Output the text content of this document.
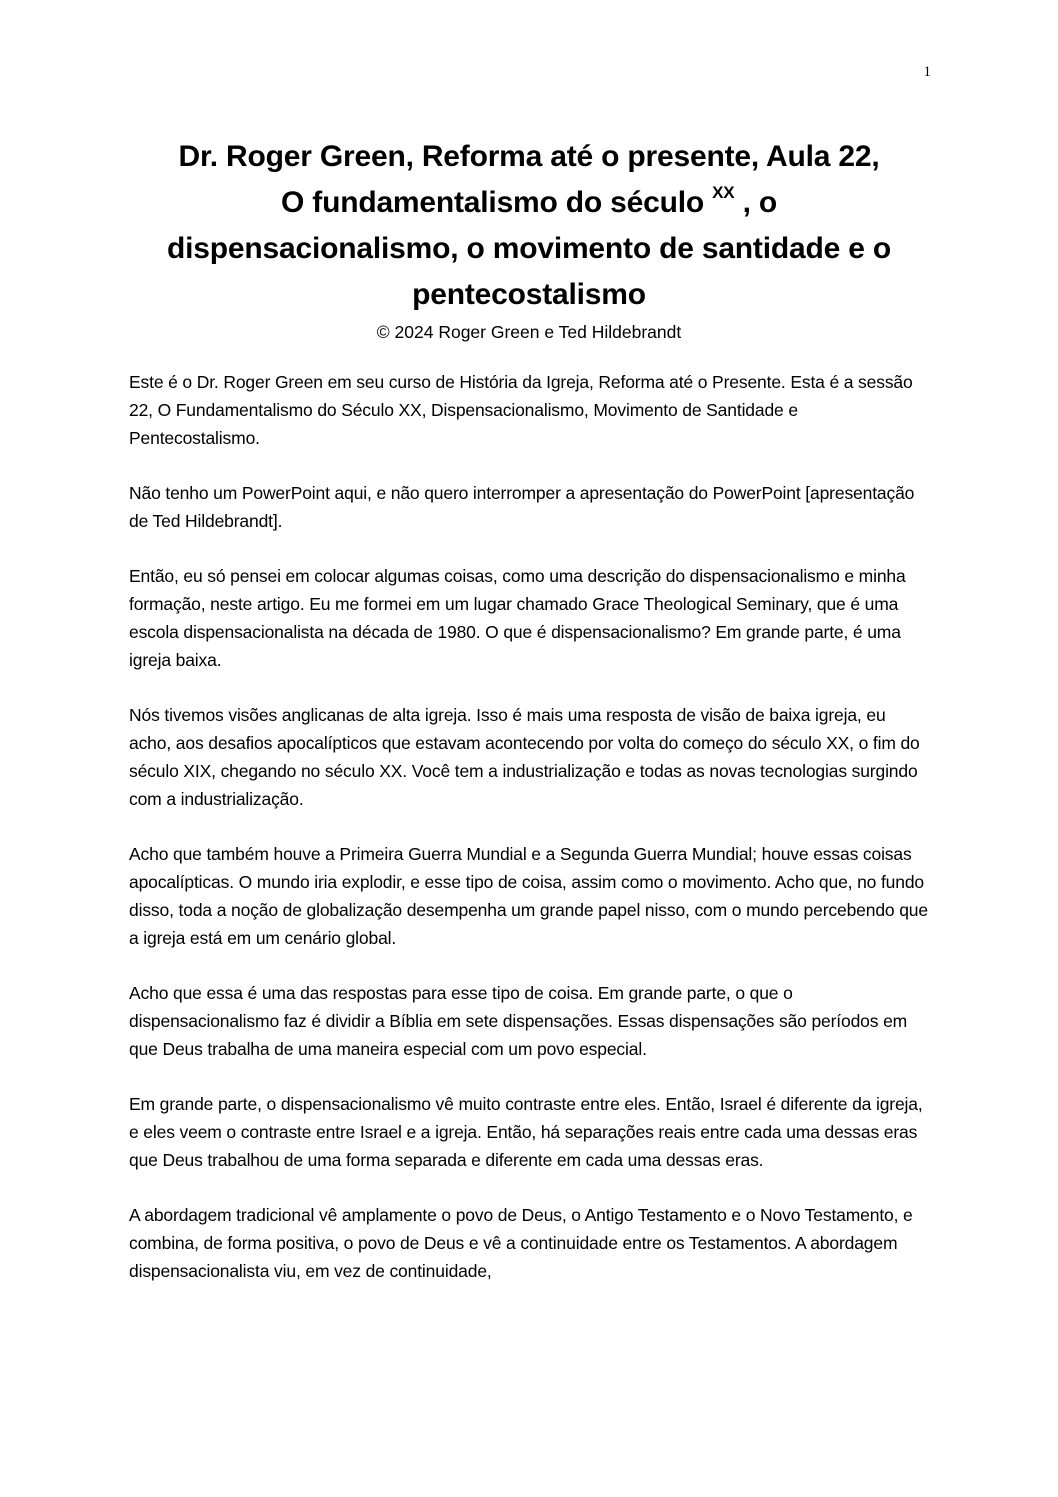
1
Dr. Roger Green, Reforma até o presente, Aula 22,
O fundamentalismo do século $^{XX}$ , o
dispensacionalismo, o movimento de santidade e o
pentecostalismo

© 2024 Roger Green e Ted Hildebrandt

Este é o Dr. Roger Green em seu curso de História da Igreja, Reforma até o Presente. Esta é a sessão 22, O Fundamentalismo do Século XX, Dispensacionalismo, Movimento de Santidade e Pentecostalismo.

Não tenho um PowerPoint aqui, e não quero interromper a apresentação do PowerPoint [apresentação de Ted Hildebrandt].

Então, eu só pensei em colocar algumas coisas, como uma descrição do dispensacionalismo e minha formação, neste artigo. Eu me formei em um lugar chamado Grace Theological Seminary, que é uma escola dispensacionalista na década de 1980. O que é dispensacionalismo? Em grande parte, é uma igreja baixa.

Nós tivemos visões anglicanas de alta igreja. Isso é mais uma resposta de visão de baixa igreja, eu acho, aos desafios apocalípticos que estavam acontecendo por volta do começo do século XX, o fim do século XIX, chegando no século XX. Você tem a industrialização e todas as novas tecnologias surgindo com a industrialização.

Acho que também houve a Primeira Guerra Mundial e a Segunda Guerra Mundial; houve essas coisas apocalípticas. O mundo iria explodir, e esse tipo de coisa, assim como o movimento. Acho que, no fundo disso, toda a noção de globalização desempenha um grande papel nisso, com o mundo percebendo que a igreja está em um cenário global.

Acho que essa é uma das respostas para esse tipo de coisa. Em grande parte, o que o dispensacionalismo faz é dividir a Bíblia em sete dispensações. Essas dispensações são períodos em que Deus trabalha de uma maneira especial com um povo especial.

Em grande parte, o dispensacionalismo vê muito contraste entre eles. Então, Israel é diferente da igreja, e eles veem o contraste entre Israel e a igreja. Então, há separações reais entre cada uma dessas eras que Deus trabalhou de uma forma separada e diferente em cada uma dessas eras.

A abordagem tradicional vê amplamente o povo de Deus, o Antigo Testamento e o Novo Testamento, e combina, de forma positiva, o povo de Deus e vê a continuidade entre os Testamentos. A abordagem dispensacionalista viu, em vez de continuidade,
